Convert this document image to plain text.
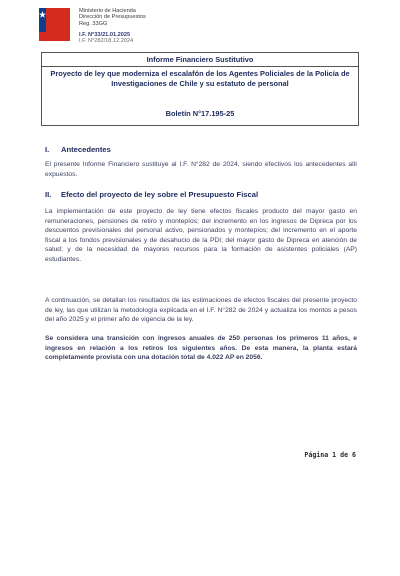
Ministerio de Hacienda
Dirección de Presupuestos
Reg. 33GG
I.F. N°33/21.01.2025
I.F. N°282/18.12.2024
Informe Financiero Sustitutivo
Proyecto de ley que moderniza el escalafón de los Agentes Policiales de la Policía de Investigaciones de Chile y su estatuto de personal
Boletín N°17.195-25
I. Antecedentes
El presente Informe Financiero sustituye al I.F. N°282 de 2024, siendo efectivos los antecedentes allí expuestos.
II. Efecto del proyecto de ley sobre el Presupuesto Fiscal
La implementación de este proyecto de ley tiene efectos fiscales producto del mayor gasto en remuneraciones, pensiones de retiro y montepíos; del incremento en los ingresos de Dipreca por los descuentos previsionales del personal activo, pensionados y montepíos; del incremento en el aporte fiscal a los fondos previsionales y de desahucio de la PDI; del mayor gasto de Dipreca en atención de salud; y de la necesidad de mayores recursos para la formación de asistentes policiales (AP) estudiantes.
A continuación, se detallan los resultados de las estimaciones de efectos fiscales del presente proyecto de ley, las que utilizan la metodología explicada en el I.F. N°282 de 2024 y actualiza los montos a pesos del año 2025 y el primer año de vigencia de la ley.
Se considera una transición con ingresos anuales de 250 personas los primeros 11 años, e ingresos en relación a los retiros los siguientes años. De esta manera, la planta estará completamente provista con una dotación total de 4.022 AP en 2056.
Página 1 de 6
